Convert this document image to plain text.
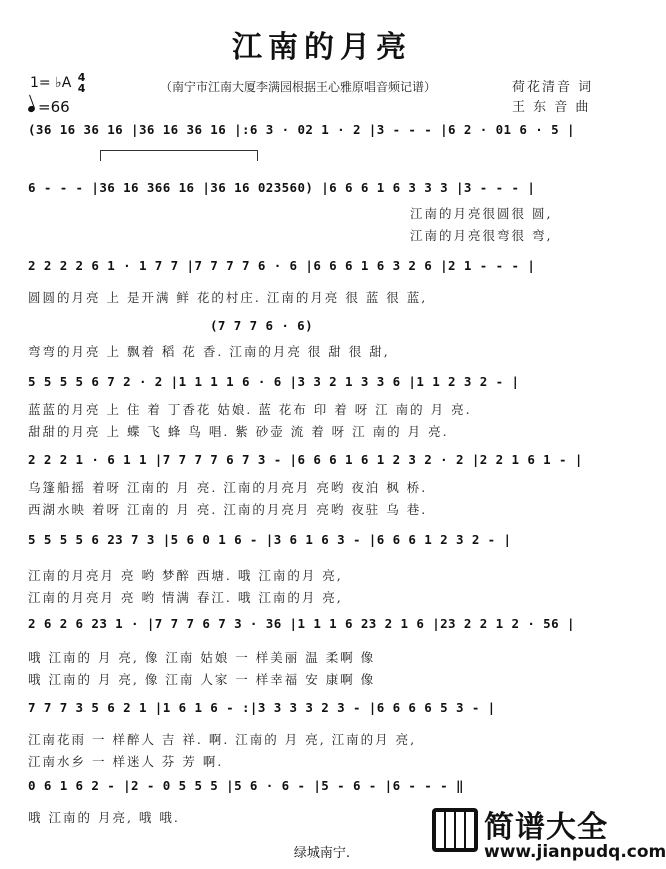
江南的月亮
1= ♭A 4
4
=66
（南宁市江南大厦李满园根据王心雅原唱音频记谱）	荷花清音 词
王 东 音 曲
(36 16 36 16 |36 16 36 16 |:6 3 · 02 1 · 2 |3 - - - |6 2 · 01 6 · 5 |
6 - - - |36 16 366 16 |36 16 023560) |6 6 6 1 6 3 3 3 |3 - - - |
江南的月亮很圆很 圆,
江南的月亮很弯很 弯,
2 2 2 2 6 1 · 1 7 7 |7 7 7 7 6 · 6 |6 6 6 1 6 3 2 6 |2 1 - - - |
圆圆的月亮 上 是开满 鲜 花的村庄. 江南的月亮 很 蓝 很 蓝,
(7 7 7 6 · 6)
弯弯的月亮 上 飘着 稻 花 香. 江南的月亮 很 甜 很 甜,
5 5 5 5 6 7 2 · 2 |1 1 1 1 6 · 6 |3 3 2 1 3 3 6 |1 1 2 3 2 - |
蓝蓝的月亮 上 住 着 丁香花 姑娘. 蓝 花布 印 着 呀 江 南的 月 亮.
甜甜的月亮 上 蝶 飞 蜂 鸟 唱. 紫 砂壶 流 着 呀 江 南的 月 亮.
2 2 2 1 · 6 1 1 |7 7 7 7 6 7 3 - |6 6 6 1 6 1 2 3 2 · 2 |2 2 1 6 1 - |
乌篷船摇 着呀 江南的 月 亮. 江南的月亮月 亮哟 夜泊 枫 桥.
西湖水映 着呀 江南的 月 亮. 江南的月亮月 亮哟 夜驻 乌 巷.
5 5 5 5 6 23 7 3 |5 6 0 1 6 - |3 6 1 6 3 - |6 6 6 1 2 3 2 - |
江南的月亮月 亮 哟 梦醉 西塘. 哦 江南的月 亮,
江南的月亮月 亮 哟 情满 春江. 哦 江南的月 亮,
2 6 2 6 23 1 · |7 7 7 6 7 3 · 36 |1 1 1 6 23 2 1 6 |23 2 2 1 2 · 56 |
哦 江南的 月 亮, 像 江南 姑娘 一 样美丽 温 柔啊 像
哦 江南的 月 亮, 像 江南 人家 一 样幸福 安 康啊 像
7 7 7 3 5 6 2 1 |1 6 1 6 - :|3 3 3 3 2 3 - |6 6 6 6 5 3 - |
江南花雨 一 样醉人 吉 祥. 啊. 江南的 月 亮, 江南的月 亮,
江南水乡 一 样迷人 芬 芳 啊.
0 6 1 6 2 - |2 - 0 5 5 5 |5 6 · 6 - |5 - 6 - |6 - - - ‖
哦 江南的 月亮, 哦 哦.
绿城南宁.
简谱大全
www.jianpudq.com
